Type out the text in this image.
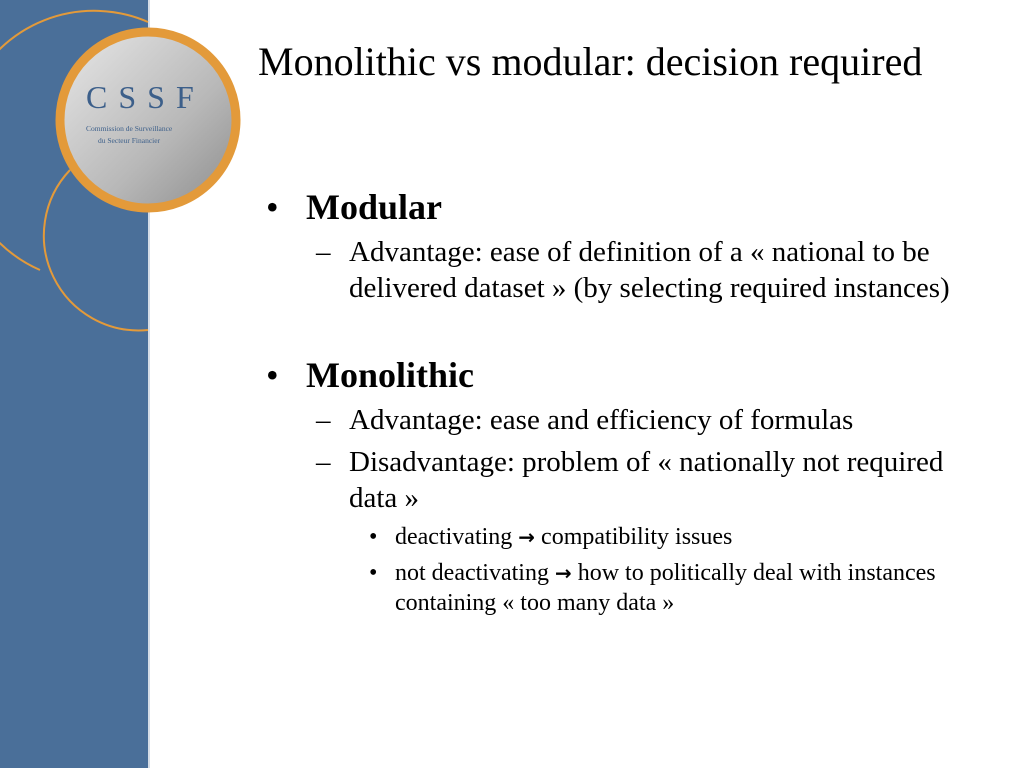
CSSF
Commission de Surveillance
du Secteur Financier
Monolithic vs modular: decision required
• Modular
– Advantage: ease of definition of a « national to be delivered dataset » (by selecting required instances)
• Monolithic
– Advantage: ease and efficiency of formulas
– Disadvantage: problem of « nationally not required data »
• deactivating → compatibility issues
• not deactivating → how to politically deal with instances containing « too many data »
